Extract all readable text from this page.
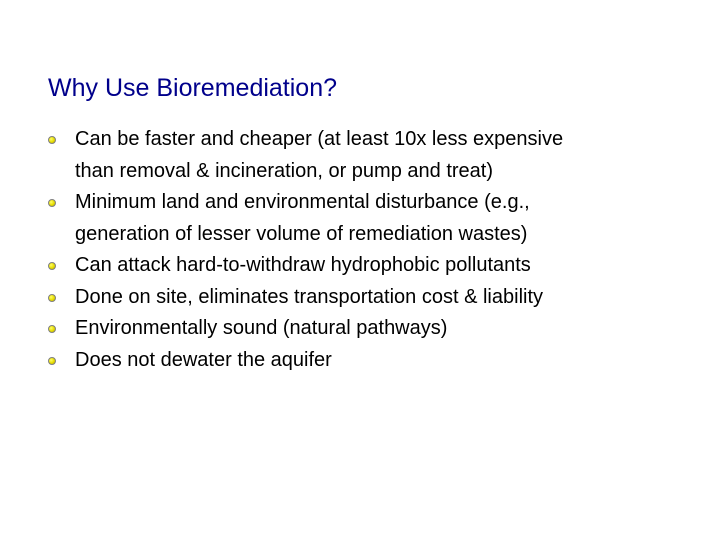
Why Use Bioremediation?
Can be faster and cheaper (at least 10x less expensive
than removal & incineration, or pump and treat)
Minimum land and environmental disturbance (e.g.,
generation of lesser volume of remediation wastes)
Can attack hard-to-withdraw hydrophobic pollutants
Done on site, eliminates transportation cost & liability
Environmentally sound (natural pathways)
Does not dewater the aquifer
